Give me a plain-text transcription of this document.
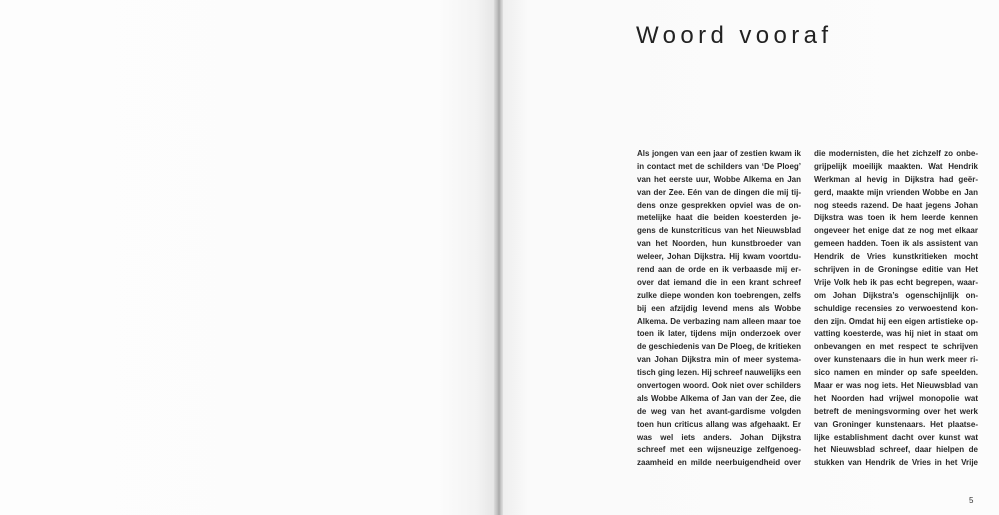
Woord vooraf
Als jongen van een jaar of zestien kwam ik
in contact met de schilders van ‘De Ploeg’
van het eerste uur, Wobbe Alkema en Jan
van der Zee. Eén van de dingen die mij tij-
dens onze gesprekken opviel was de on-
metelijke haat die beiden koesterden je-
gens de kunstcriticus van het Nieuwsblad
van het Noorden, hun kunstbroeder van
weleer, Johan Dijkstra. Hij kwam voortdu-
rend aan de orde en ik verbaasde mij er-
over dat iemand die in een krant schreef
zulke diepe wonden kon toebrengen, zelfs
bij een afzijdig levend mens als Wobbe
Alkema. De verbazing nam alleen maar toe
toen ik later, tijdens mijn onderzoek over
de geschiedenis van De Ploeg, de kritieken
van Johan Dijkstra min of meer systema-
tisch ging lezen. Hij schreef nauwelijks een
onvertogen woord. Ook niet over schilders
als Wobbe Alkema of Jan van der Zee, die
de weg van het avant-gardisme volgden
toen hun criticus allang was afgehaakt. Er
was wel iets anders. Johan Dijkstra
schreef met een wijsneuzige zelfgenoeg-
zaamheid en milde neerbuigendheid over
die modernisten, die het zichzelf zo onbe-
grijpelijk moeilijk maakten. Wat Hendrik
Werkman al hevig in Dijkstra had geër-
gerd, maakte mijn vrienden Wobbe en Jan
nog steeds razend. De haat jegens Johan
Dijkstra was toen ik hem leerde kennen
ongeveer het enige dat ze nog met elkaar
gemeen hadden. Toen ik als assistent van
Hendrik de Vries kunstkritieken mocht
schrijven in de Groningse editie van Het
Vrije Volk heb ik pas echt begrepen, waar-
om Johan Dijkstra’s ogenschijnlijk on-
schuldige recensies zo verwoestend kon-
den zijn. Omdat hij een eigen artistieke op-
vatting koesterde, was hij niet in staat om
onbevangen en met respect te schrijven
over kunstenaars die in hun werk meer ri-
sico namen en minder op safe speelden.
Maar er was nog iets. Het Nieuwsblad van
het Noorden had vrijwel monopolie wat
betreft de meningsvorming over het werk
van Groninger kunstenaars. Het plaatse-
lijke establishment dacht over kunst wat
het Nieuwsblad schreef, daar hielpen de
stukken van Hendrik de Vries in het Vrije
5
